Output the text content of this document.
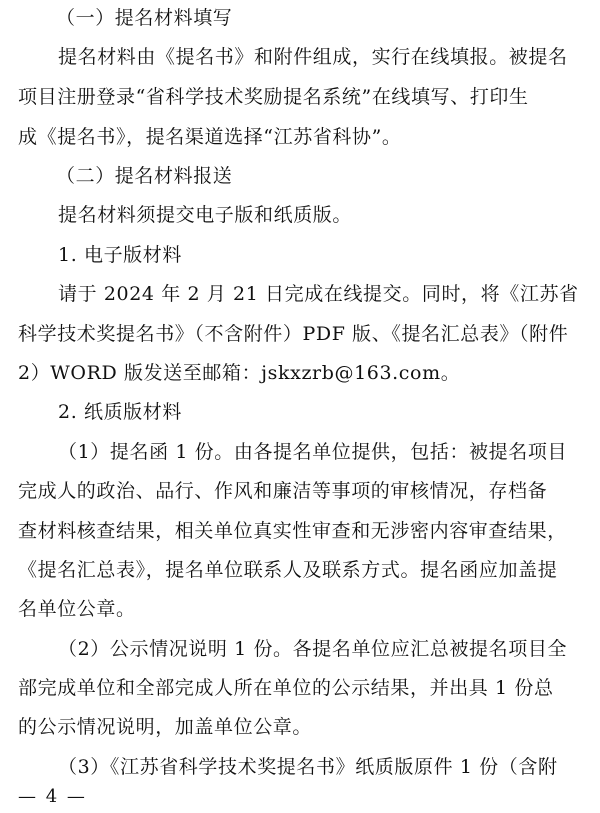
（一）提名材料填写
提名材料由《提名书》和附件组成，实行在线填报。被提名
项目注册登录“省科学技术奖励提名系统”在线填写、打印生
成《提名书》，提名渠道选择“江苏省科协”。
（二）提名材料报送
提名材料须提交电子版和纸质版。
1. 电子版材料
请于 2024 年 2 月 21 日完成在线提交。同时，将《江苏省
科学技术奖提名书》（不含附件）PDF 版、《提名汇总表》（附件
2）WORD 版发送至邮箱：jskxzrb@163.com。
2. 纸质版材料
（1）提名函 1 份。由各提名单位提供，包括：被提名项目
完成人的政治、品行、作风和廉洁等事项的审核情况，存档备
查材料核查结果，相关单位真实性审查和无涉密内容审查结果，
《提名汇总表》，提名单位联系人及联系方式。提名函应加盖提
名单位公章。
（2）公示情况说明 1 份。各提名单位应汇总被提名项目全
部完成单位和全部完成人所在单位的公示结果，并出具 1 份总
的公示情况说明，加盖单位公章。
（3）《江苏省科学技术奖提名书》纸质版原件 1 份（含附
— 4 —
